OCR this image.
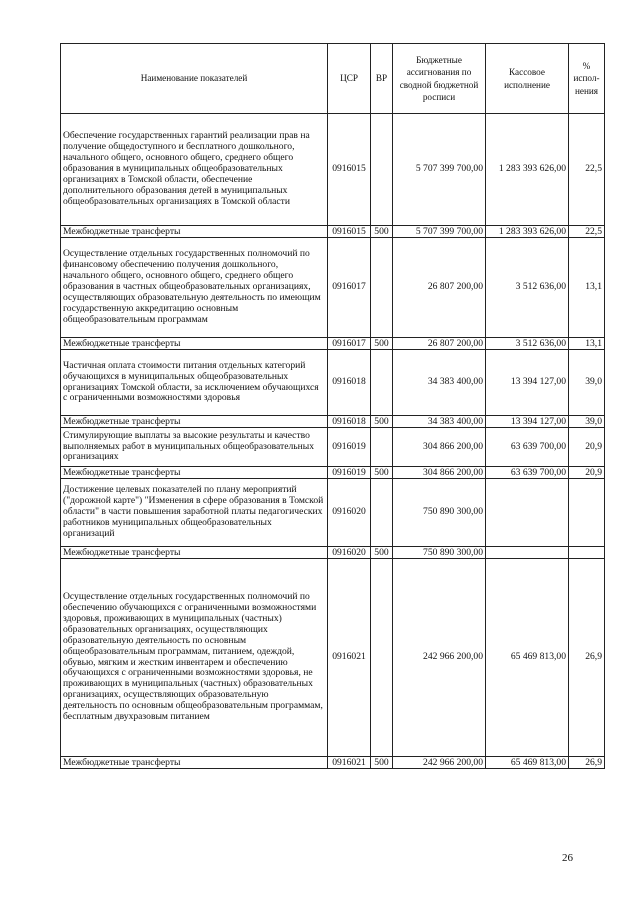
Наименование показателей	ЦСР	ВР	Бюджетные ассигнования по сводной бюджетной росписи	Кассовое исполнение	% испол-нения
Обеспечение государственных гарантий реализации прав на получение общедоступного и бесплатного дошкольного, начального общего, основного общего, среднего общего образования в муниципальных общеобразовательных организациях в Томской области, обеспечение дополнительного образования детей в муниципальных общеобразовательных организациях в Томской области	0916015		5 707 399 700,00	1 283 393 626,00	22,5
Межбюджетные трансферты	0916015	500	5 707 399 700,00	1 283 393 626,00	22,5
Осуществление отдельных государственных полномочий по финансовому обеспечению получения дошкольного, начального общего, основного общего, среднего общего образования в частных общеобразовательных организациях, осуществляющих образовательную деятельность по имеющим государственную аккредитацию основным общеобразовательным программам	0916017		26 807 200,00	3 512 636,00	13,1
Межбюджетные трансферты	0916017	500	26 807 200,00	3 512 636,00	13,1
Частичная оплата стоимости питания отдельных категорий обучающихся в муниципальных общеобразовательных организациях Томской области, за исключением обучающихся с ограниченными возможностями здоровья	0916018		34 383 400,00	13 394 127,00	39,0
Межбюджетные трансферты	0916018	500	34 383 400,00	13 394 127,00	39,0
Стимулирующие выплаты за высокие результаты и качество выполняемых работ в муниципальных общеобразовательных организациях	0916019		304 866 200,00	63 639 700,00	20,9
Межбюджетные трансферты	0916019	500	304 866 200,00	63 639 700,00	20,9
Достижение целевых показателей по плану мероприятий ("дорожной карте") "Изменения в сфере образования в Томской области" в части повышения заработной платы педагогических работников муниципальных общеобразовательных организаций	0916020		750 890 300,00		
Межбюджетные трансферты	0916020	500	750 890 300,00		
Осуществление отдельных государственных полномочий по обеспечению обучающихся с ограниченными возможностями здоровья, проживающих в муниципальных (частных) образовательных организациях, осуществляющих образовательную деятельность по основным общеобразовательным программам, питанием, одеждой, обувью, мягким и жестким инвентарем и обеспечению обучающихся с ограниченными возможностями здоровья, не проживающих в муниципальных (частных) образовательных организациях, осуществляющих образовательную деятельность по основным общеобразовательным программам, бесплатным двухразовым питанием	0916021		242 966 200,00	65 469 813,00	26,9
Межбюджетные трансферты	0916021	500	242 966 200,00	65 469 813,00	26,9
26
